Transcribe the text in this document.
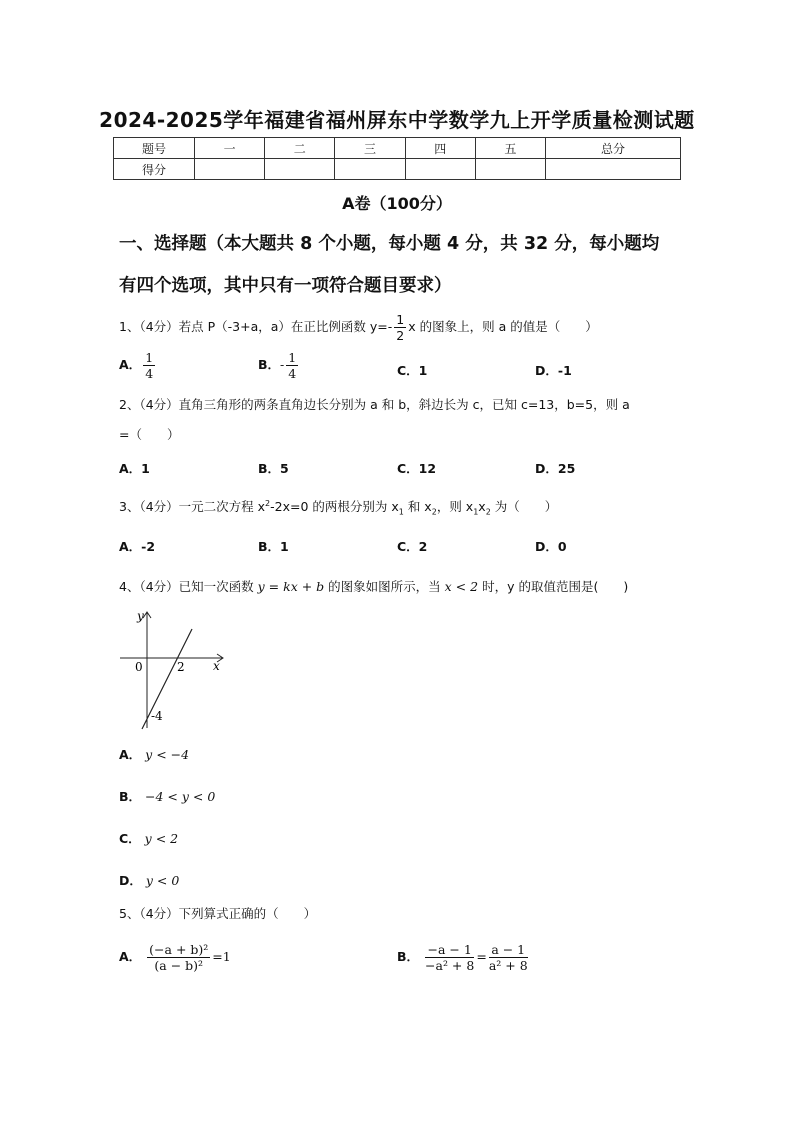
2024-2025学年福建省福州屏东中学数学九上开学质量检测试题
题号	一	二	三	四	五	总分
得分						
A卷（100分）
一、选择题（本大题共 8 个小题，每小题 4 分，共 32 分，每小题均
有四个选项，其中只有一项符合题目要求）
1、（4分）若点 P（-3+a，a）在正比例函数 $y=- \frac{1}{2}$ x 的图象上，则 a 的值是（　　）
A． $\frac{1}{4}$	B．- $\frac{1}{4}$	C．1	D．-1
2、（4分）直角三角形的两条直角边长分别为 a 和 b，斜边长为 c，已知 c=13，b=5，则 a
=（　　）
A．1	B．5	C．12	D．25
3、（4分）一元二次方程 $x^2-2x=0$ 的两根分别为 $x_1$ 和 $x_2$，则 $x_1x_2$ 为（　　）
A．-2	B．1	C．2	D．0
4、（4分）已知一次函数 y = kx + b 的图象如图所示，当 x < 2 时，y 的取值范围是(　　)
y
x
0	2
-4
A． y < −4
B． −4 < y < 0
C． y < 2
D． y < 0
5、（4分）下列算式正确的（　　）
A． $\frac{\text{(−a + b)²}}{\text{(a − b)²}} =1$	B． $\frac{-a - 1}{\text{−a² + 8}} = \frac{a - 1}{\text{a² + 8}}$
